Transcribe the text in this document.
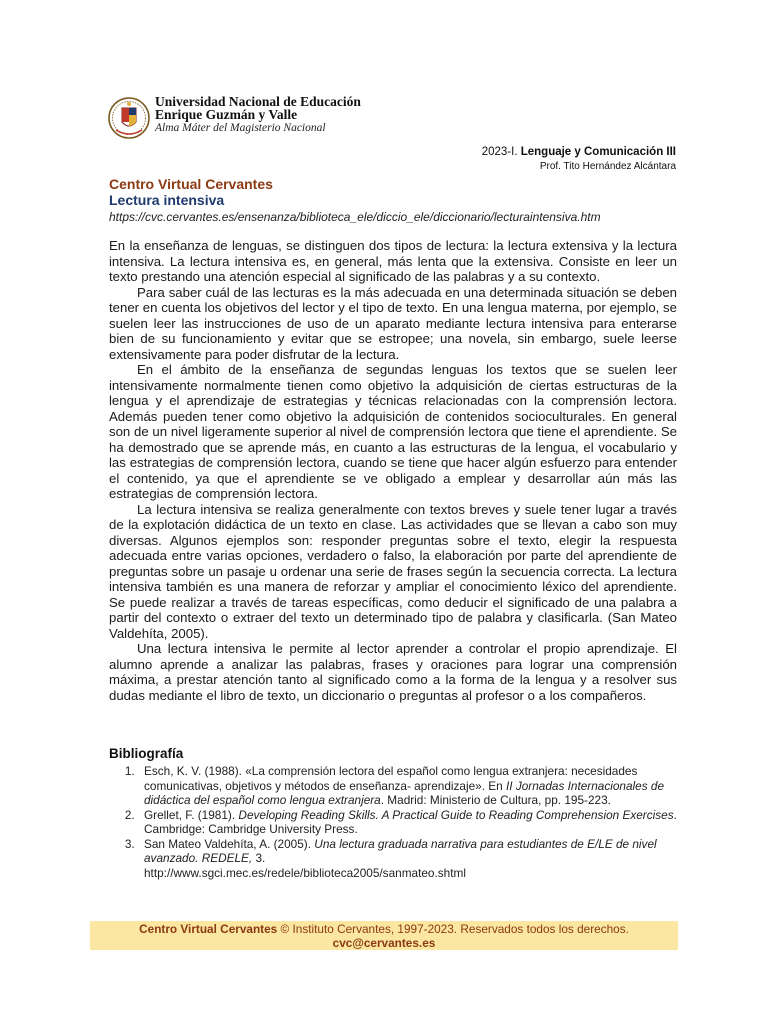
Universidad Nacional de Educación
Enrique Guzmán y Valle
Alma Máter del Magisterio Nacional
2023-I. Lenguaje y Comunicación III
Prof. Tito Hernández Alcántara
Centro Virtual Cervantes
Lectura intensiva
https://cvc.cervantes.es/ensenanza/biblioteca_ele/diccio_ele/diccionario/lecturaintensiva.htm

En la enseñanza de lenguas, se distinguen dos tipos de lectura: la lectura extensiva y la lectura intensiva. La lectura intensiva es, en general, más lenta que la extensiva. Consiste en leer un texto prestando una atención especial al significado de las palabras y a su contexto.

Para saber cuál de las lecturas es la más adecuada en una determinada situación se deben tener en cuenta los objetivos del lector y el tipo de texto. En una lengua materna, por ejemplo, se suelen leer las instrucciones de uso de un aparato mediante lectura intensiva para enterarse bien de su funcionamiento y evitar que se estropee; una novela, sin embargo, suele leerse extensivamente para poder disfrutar de la lectura.

En el ámbito de la enseñanza de segundas lenguas los textos que se suelen leer intensivamente normalmente tienen como objetivo la adquisición de ciertas estructuras de la lengua y el aprendizaje de estrategias y técnicas relacionadas con la comprensión lectora. Además pueden tener como objetivo la adquisición de contenidos socioculturales. En general son de un nivel ligeramente superior al nivel de comprensión lectora que tiene el aprendiente. Se ha demostrado que se aprende más, en cuanto a las estructuras de la lengua, el vocabulario y las estrategias de comprensión lectora, cuando se tiene que hacer algún esfuerzo para entender el contenido, ya que el aprendiente se ve obligado a emplear y desarrollar aún más las estrategias de comprensión lectora.

La lectura intensiva se realiza generalmente con textos breves y suele tener lugar a través de la explotación didáctica de un texto en clase. Las actividades que se llevan a cabo son muy diversas. Algunos ejemplos son: responder preguntas sobre el texto, elegir la respuesta adecuada entre varias opciones, verdadero o falso, la elaboración por parte del aprendiente de preguntas sobre un pasaje u ordenar una serie de frases según la secuencia correcta. La lectura intensiva también es una manera de reforzar y ampliar el conocimiento léxico del aprendiente. Se puede realizar a través de tareas específicas, como deducir el significado de una palabra a partir del contexto o extraer del texto un determinado tipo de palabra y clasificarla. (San Mateo Valdehíta, 2005).

Una lectura intensiva le permite al lector aprender a controlar el propio aprendizaje. El alumno aprende a analizar las palabras, frases y oraciones para lograr una comprensión máxima, a prestar atención tanto al significado como a la forma de la lengua y a resolver sus dudas mediante el libro de texto, un diccionario o preguntas al profesor o a los compañeros.

Bibliografía
1. Esch, K. V. (1988). «La comprensión lectora del español como lengua extranjera: necesidades comunicativas, objetivos y métodos de enseñanza- aprendizaje». En II Jornadas Internacionales de didáctica del español como lengua extranjera. Madrid: Ministerio de Cultura, pp. 195-223.
2. Grellet, F. (1981). Developing Reading Skills. A Practical Guide to Reading Comprehension Exercises. Cambridge: Cambridge University Press.
3. San Mateo Valdehíta, A. (2005). Una lectura graduada narrativa para estudiantes de E/LE de nivel avanzado. REDELE, 3.
http://www.sgci.mec.es/redele/biblioteca2005/sanmateo.shtml
Centro Virtual Cervantes © Instituto Cervantes, 1997-2023. Reservados todos los derechos. cvc@cervantes.es
